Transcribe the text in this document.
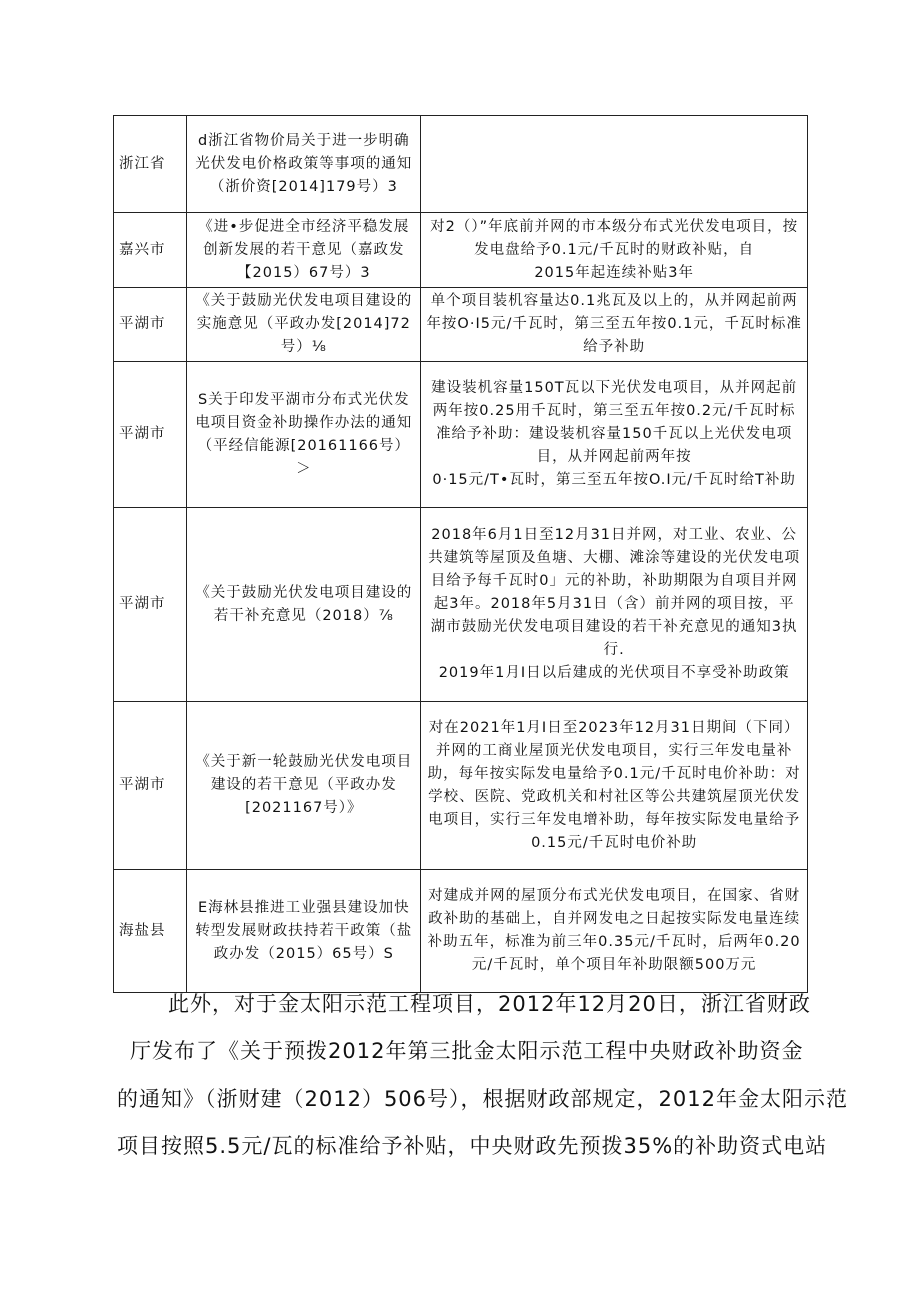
浙江省	d浙江省物价局关于进一步明确光伏发电价格政策等事项的通知（浙价资[2014]179号）3	
嘉兴市	《进•步促进全市经济平稳发展创新发展的若干意见（嘉政发【2015）67号）3	对2（）”年底前并网的市本级分布式光伏发电项目，按发电盘给予0.1元/千瓦时的财政补贴，自
2015年起连续补贴3年

平湖市	《关于鼓励光伏发电项目建设的实施意见（平政办发[2014]72号）⅛	单个项目装机容量达0.1兆瓦及以上的，从并网起前两年按O·I5元/千瓦时，第三至五年按0.1元，千瓦时标准给予补助

平湖市	S关于印发平湖市分布式光伏发电项目资金补助操作办法的通知（平经信能源[20161166号）＞	建设装机容量150T瓦以下光伏发电项目，从并网起前两年按0.25用千瓦时，第三至五年按0.2元/千瓦时标准给予补助：建设装机容量150千瓦以上光伏发电项目，从并网起前两年按
0·15元/T•瓦时，第三至五年按O.I元/千瓦时给T补助

平湖市	《关于鼓励光伏发电项目建设的若干补充意见（2018）⅞	2018年6月1日至12月31日并网，对工业、农业、公共建筑等屋顶及鱼塘、大棚、滩涂等建设的光伏发电项目给予每千瓦时0」元的补助，补助期限为自项目并网起3年。2018年5月31日（含）前并网的项目按，平湖市鼓励光伏发电项目建设的若干补充意见的通知3执行.
2019年1月I日以后建成的光伏项目不享受补助政策

平湖市	《关于新一轮鼓励光伏发电项目建设的若干意见（平政办发[2021167号）》	对在2021年1月I日至2023年12月31日期间（下同）并网的工商业屋顶光伏发电项目，实行三年发电量补助，每年按实际发电量给予0.1元/千瓦时电价补助：对学校、医院、党政机关和村社区等公共建筑屋顶光伏发电项目，实行三年发电增补助，每年按实际发电量给予0.15元/千瓦时电价补助

海盐县	E海林县推进工业强县建设加快转型发展财政扶持若干政策（盐政办发（2015）65号）S	对建成并网的屋顶分布式光伏发电项目，在国家、省财政补助的基础上，自并网发电之日起按实际发电量连续补助五年，标准为前三年0.35元/千瓦时，后两年0.20元/千瓦时，单个项目年补助限额500万元
此外，对于金太阳示范工程项目，2012年12月20日，浙江省财政
厅发布了《关于预拨2012年第三批金太阳示范工程中央财政补助资金
的通知》（浙财建（2012）506号），根据财政部规定，2012年金太阳示范
项目按照5.5元/瓦的标准给予补贴，中央财政先预拨35%的补助资式电站
